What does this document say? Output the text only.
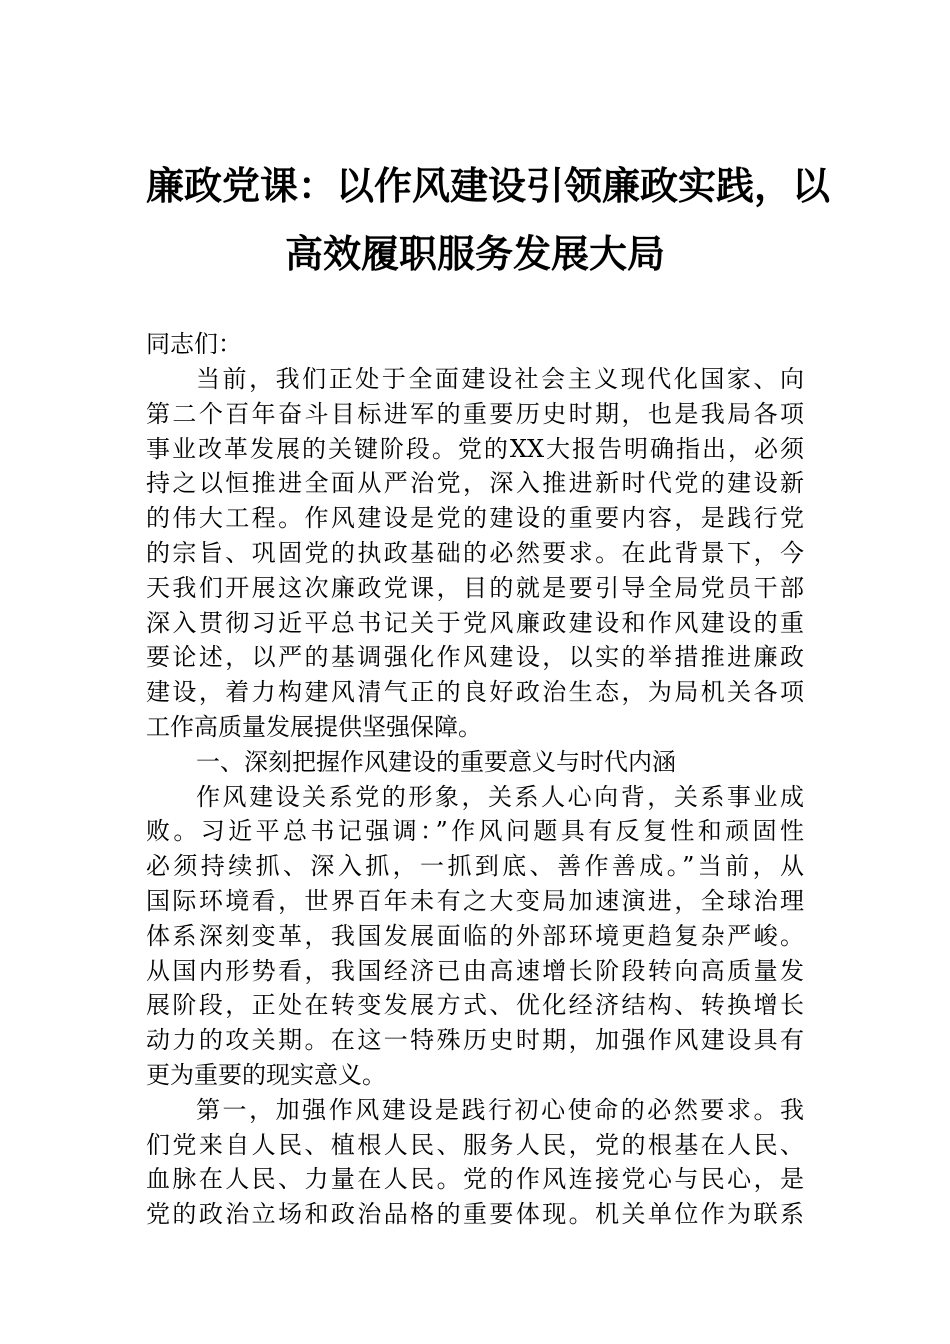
廉政党课：以作风建设引领廉政实践，以
高效履职服务发展大局
同志们：
当前，我们正处于全面建设社会主义现代化国家、向
第二个百年奋斗目标进军的重要历史时期，也是我局各项
事业改革发展的关键阶段。党的XX大报告明确指出，必须
持之以恒推进全面从严治党，深入推进新时代党的建设新
的伟大工程。作风建设是党的建设的重要内容，是践行党
的宗旨、巩固党的执政基础的必然要求。在此背景下，今
天我们开展这次廉政党课，目的就是要引导全局党员干部
深入贯彻习近平总书记关于党风廉政建设和作风建设的重
要论述，以严的基调强化作风建设，以实的举措推进廉政
建设，着力构建风清气正的良好政治生态，为局机关各项
工作高质量发展提供坚强保障。
一、深刻把握作风建设的重要意义与时代内涵
作风建设关系党的形象，关系人心向背，关系事业成
败。习近平总书记强调：”作风问题具有反复性和顽固性
必须持续抓、深入抓，一抓到底、善作善成。”当前，从
国际环境看，世界百年未有之大变局加速演进，全球治理
体系深刻变革，我国发展面临的外部环境更趋复杂严峻。
从国内形势看，我国经济已由高速增长阶段转向高质量发
展阶段，正处在转变发展方式、优化经济结构、转换增长
动力的攻关期。在这一特殊历史时期，加强作风建设具有
更为重要的现实意义。
第一，加强作风建设是践行初心使命的必然要求。我
们党来自人民、植根人民、服务人民，党的根基在人民、
血脉在人民、力量在人民。党的作风连接党心与民心，是
党的政治立场和政治品格的重要体现。机关单位作为联系
